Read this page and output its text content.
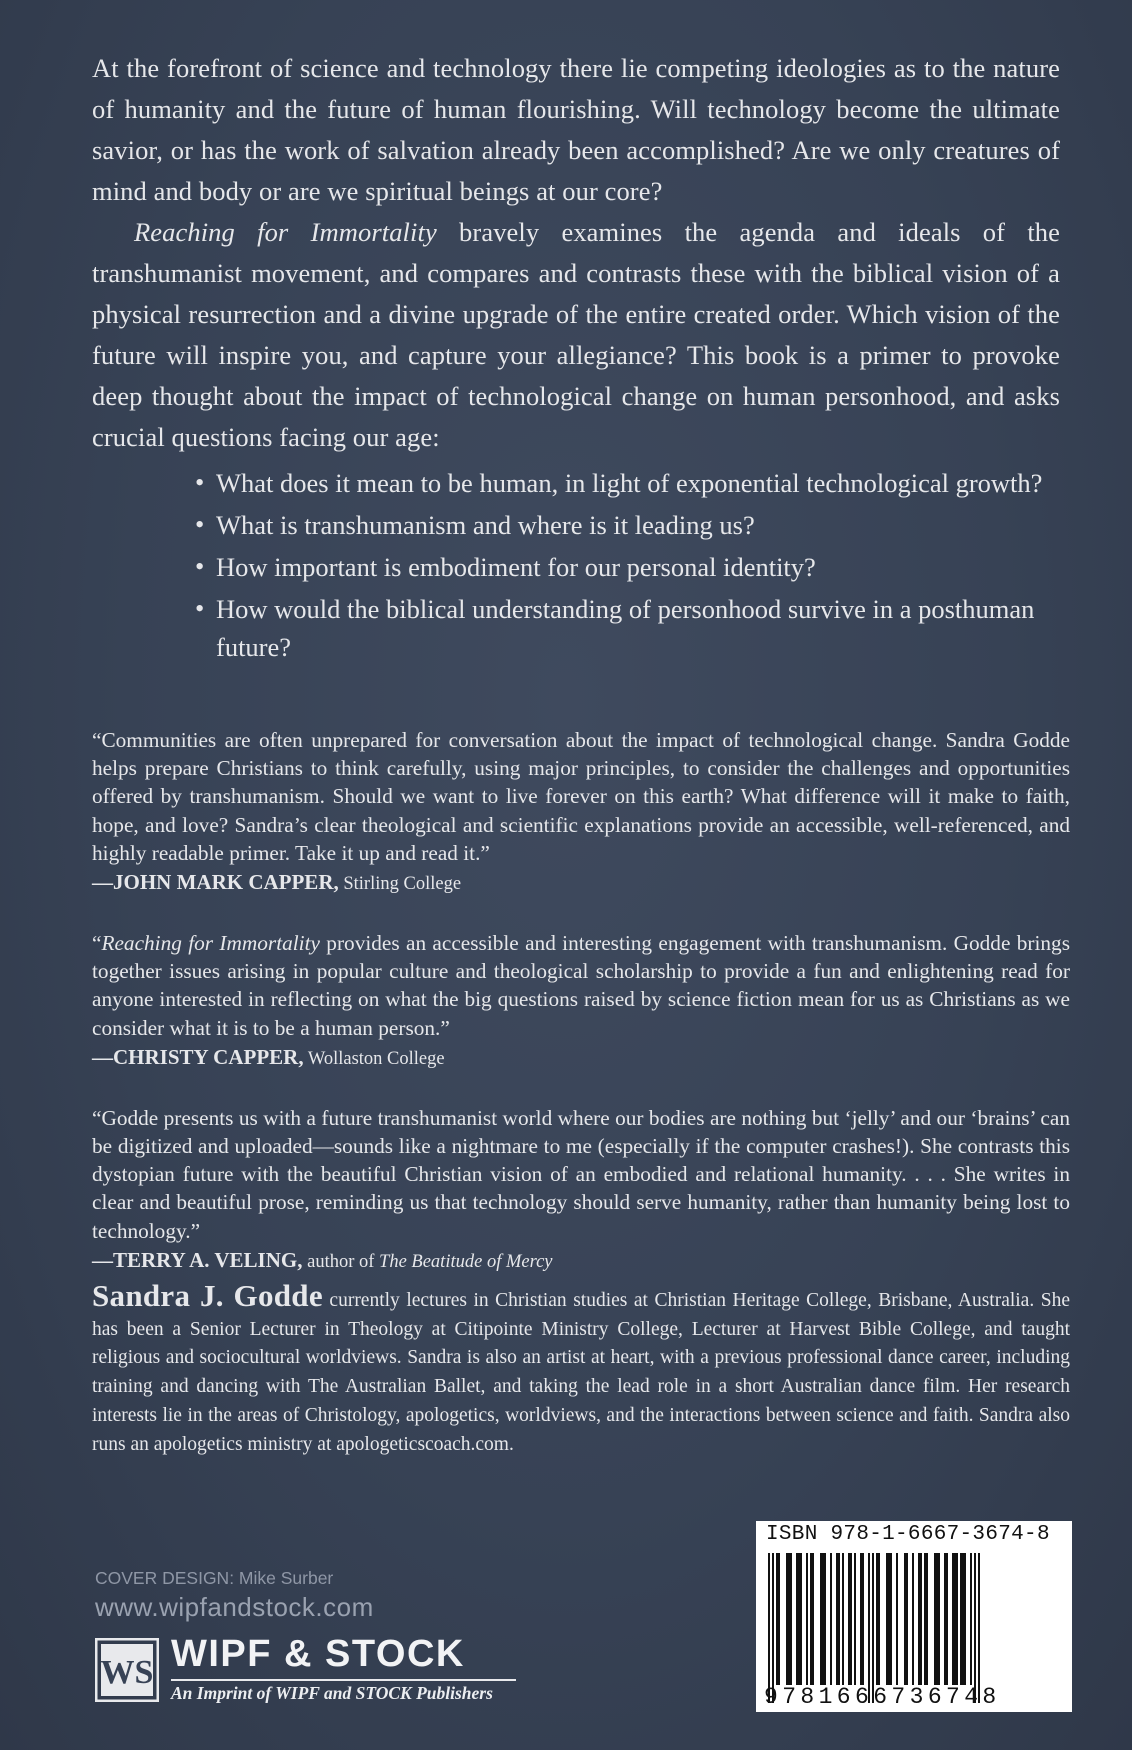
At the forefront of science and technology there lie competing ideologies as to the nature of humanity and the future of human flourishing. Will technology become the ultimate savior, or has the work of salvation already been accomplished? Are we only creatures of mind and body or are we spiritual beings at our core?

Reaching for Immortality bravely examines the agenda and ideals of the transhumanist movement, and compares and contrasts these with the biblical vision of a physical resurrection and a divine upgrade of the entire created order. Which vision of the future will inspire you, and capture your allegiance? This book is a primer to provoke deep thought about the impact of technological change on human personhood, and asks crucial questions facing our age:

• What does it mean to be human, in light of exponential technological growth?
• What is transhumanism and where is it leading us?
• How important is embodiment for our personal identity?
• How would the biblical understanding of personhood survive in a posthuman future?

“Communities are often unprepared for conversation about the impact of technological change. Sandra Godde helps prepare Christians to think carefully, using major principles, to consider the challenges and opportunities offered by transhumanism. Should we want to live forever on this earth? What difference will it make to faith, hope, and love? Sandra’s clear theological and scientific explanations provide an accessible, well-referenced, and highly readable primer. Take it up and read it.”

—JOHN MARK CAPPER, Stirling College

“Reaching for Immortality provides an accessible and interesting engagement with transhumanism. Godde brings together issues arising in popular culture and theological scholarship to provide a fun and enlightening read for anyone interested in reflecting on what the big questions raised by science fiction mean for us as Christians as we consider what it is to be a human person.”

—CHRISTY CAPPER, Wollaston College

“Godde presents us with a future transhumanist world where our bodies are nothing but ‘jelly’ and our ‘brains’ can be digitized and uploaded—sounds like a nightmare to me (especially if the computer crashes!). She contrasts this dystopian future with the beautiful Christian vision of an embodied and relational humanity. . . . She writes in clear and beautiful prose, reminding us that technology should serve humanity, rather than humanity being lost to technology.”

—TERRY A. VELING, author of The Beatitude of Mercy

Sandra J. Godde currently lectures in Christian studies at Christian Heritage College, Brisbane, Australia. She has been a Senior Lecturer in Theology at Citipointe Ministry College, Lecturer at Harvest Bible College, and taught religious and sociocultural worldviews. Sandra is also an artist at heart, with a previous professional dance career, including training and dancing with The Australian Ballet, and taking the lead role in a short Australian dance film. Her research interests lie in the areas of Christology, apologetics, worldviews, and the interactions between science and faith. Sandra also runs an apologetics ministry at apologeticscoach.com.

COVER DESIGN: Mike Surber
www.wipfandstock.com
WS WIPF & STOCK
An Imprint of WIPF and STOCK Publishers
ISBN 978-1-6667-3674-8
9781666736748
